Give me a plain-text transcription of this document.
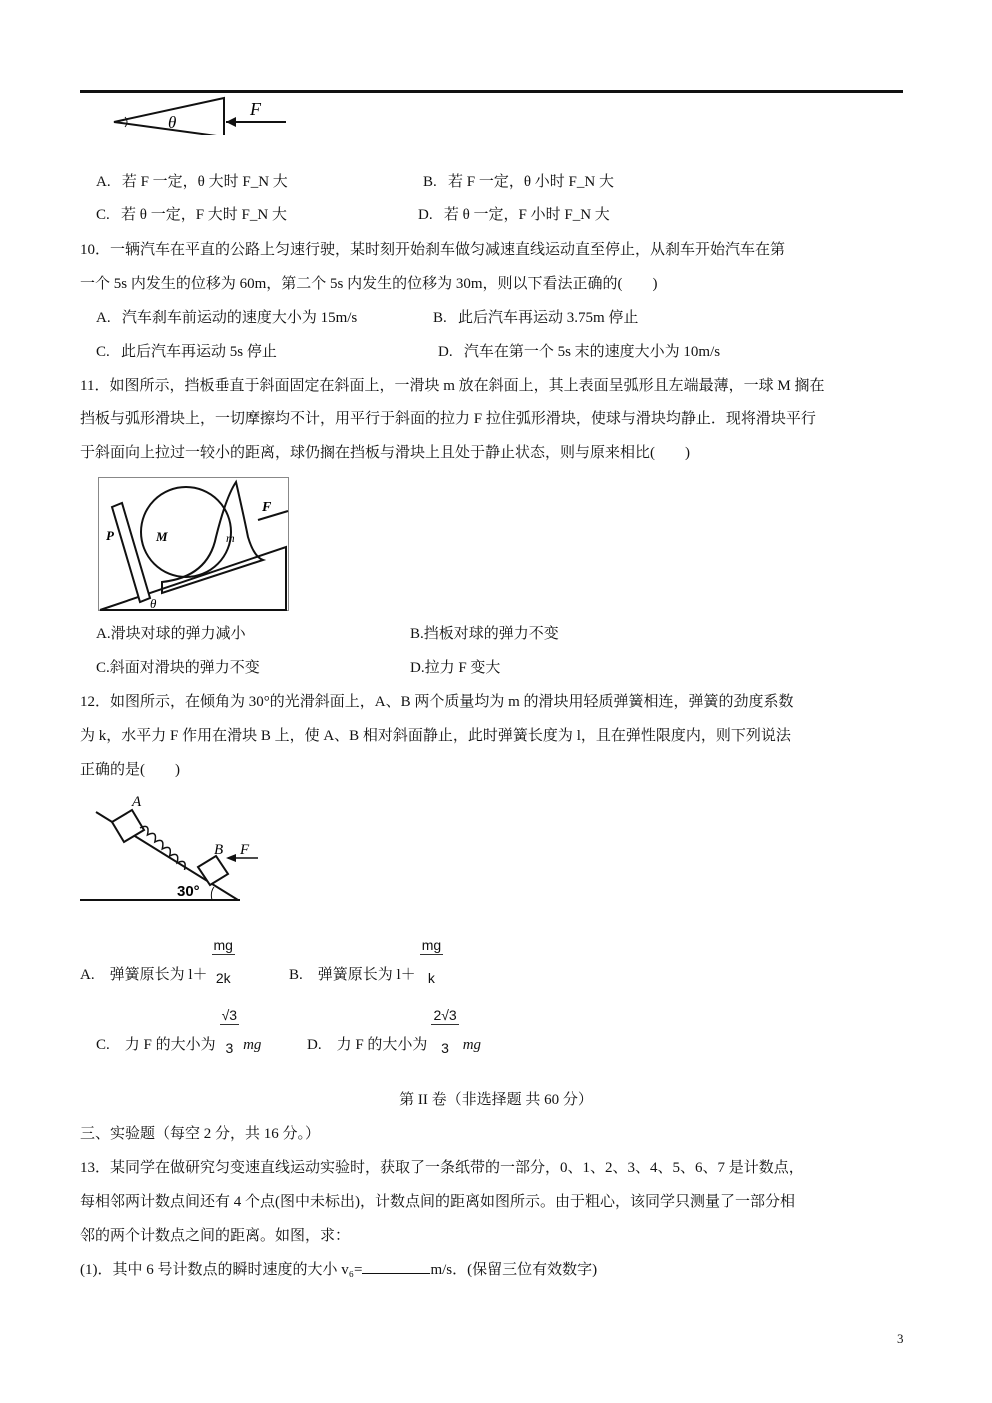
θ
F
A. 若 F 一定，θ 大时 F_N 大	B. 若 F 一定，θ 小时 F_N 大
C. 若 θ 一定，F 大时 F_N 大	D. 若 θ 一定，F 小时 F_N 大
10．一辆汽车在平直的公路上匀速行驶，某时刻开始刹车做匀减速直线运动直至停止，从刹车开始汽车在第
一个 5s 内发生的位移为 60m，第二个 5s 内发生的位移为 30m，则以下看法正确的(　　)
A. 汽车刹车前运动的速度大小为 15m/s	B. 此后汽车再运动 3.75m 停止
C. 此后汽车再运动 5s 停止	D. 汽车在第一个 5s 末的速度大小为 10m/s
11．如图所示，挡板垂直于斜面固定在斜面上，一滑块 m 放在斜面上，其上表面呈弧形且左端最薄，一球 M 搁在
挡板与弧形滑块上，一切摩擦均不计，用平行于斜面的拉力 F 拉住弧形滑块，使球与滑块均静止．现将滑块平行
于斜面向上拉过一较小的距离，球仍搁在挡板与滑块上且处于静止状态，则与原来相比(　　)
M	m
F
P
θ
A.滑块对球的弹力减小	B.挡板对球的弹力不变
C.斜面对滑块的弹力不变	D.拉力 F 变大
12．如图所示，在倾角为 30°的光滑斜面上，A、B 两个质量均为 m 的滑块用轻质弹簧相连，弹簧的劲度系数
为 k，水平力 F 作用在滑块 B 上，使 A、B 相对斜面静止，此时弹簧长度为 l，且在弹性限度内，则下列说法
正确的是(　　)
A
B F
30°
A. 弹簧原长为 $l+ \frac{mg}{2k}$	B. 弹簧原长为 $l+ \frac{mg}{k}$
C. 力 F 的大小为 $\frac{√3}{3}$ mg	D. 力 F 的大小为 $\frac{2√3}{3}$ mg
第 II 卷（非选择题 共 60 分）
三、实验题（每空 2 分，共 16 分。）
13．某同学在做研究匀变速直线运动实验时，获取了一条纸带的一部分，0、1、2、3、4、5、6、7 是计数点，
每相邻两计数点间还有 4 个点(图中未标出)，计数点间的距离如图所示。由于粗心，该同学只测量了一部分相
邻的两个计数点之间的距离。如图，求：
(1)．其中 6 号计数点的瞬时速度的大小 v₆=	m/s．(保留三位有效数字)
3
